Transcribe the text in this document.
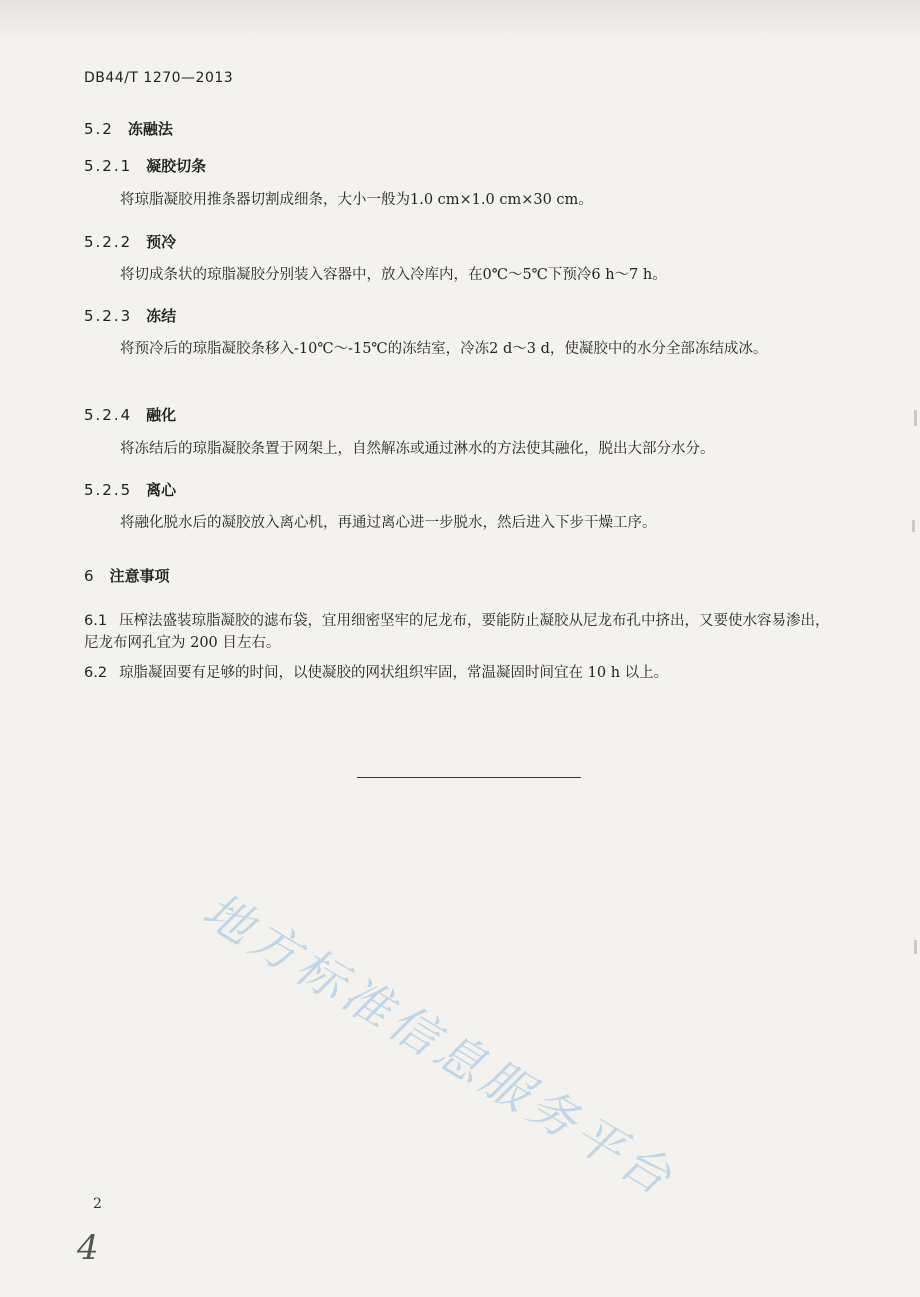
DB44/T 1270—2013
5.2 冻融法
5.2.1 凝胶切条
将琼脂凝胶用推条器切割成细条，大小一般为1.0 cm×1.0 cm×30 cm。
5.2.2 预冷
将切成条状的琼脂凝胶分别装入容器中，放入冷库内，在0℃～5℃下预冷6 h～7 h。
5.2.3 冻结
将预冷后的琼脂凝胶条移入-10℃～-15℃的冻结室，冷冻2 d～3 d，使凝胶中的水分全部冻结成冰。
5.2.4 融化
将冻结后的琼脂凝胶条置于网架上，自然解冻或通过淋水的方法使其融化，脱出大部分水分。
5.2.5 离心
将融化脱水后的凝胶放入离心机，再通过离心进一步脱水，然后进入下步干燥工序。
6 注意事项
6.1 压榨法盛装琼脂凝胶的滤布袋，宜用细密坚牢的尼龙布，要能防止凝胶从尼龙布孔中挤出，又要使水容易渗出，尼龙布网孔宜为 200 目左右。
6.2 琼脂凝固要有足够的时间，以使凝胶的网状组织牢固，常温凝固时间宜在 10 h 以上。
地方标准信息服务平台
2
4
